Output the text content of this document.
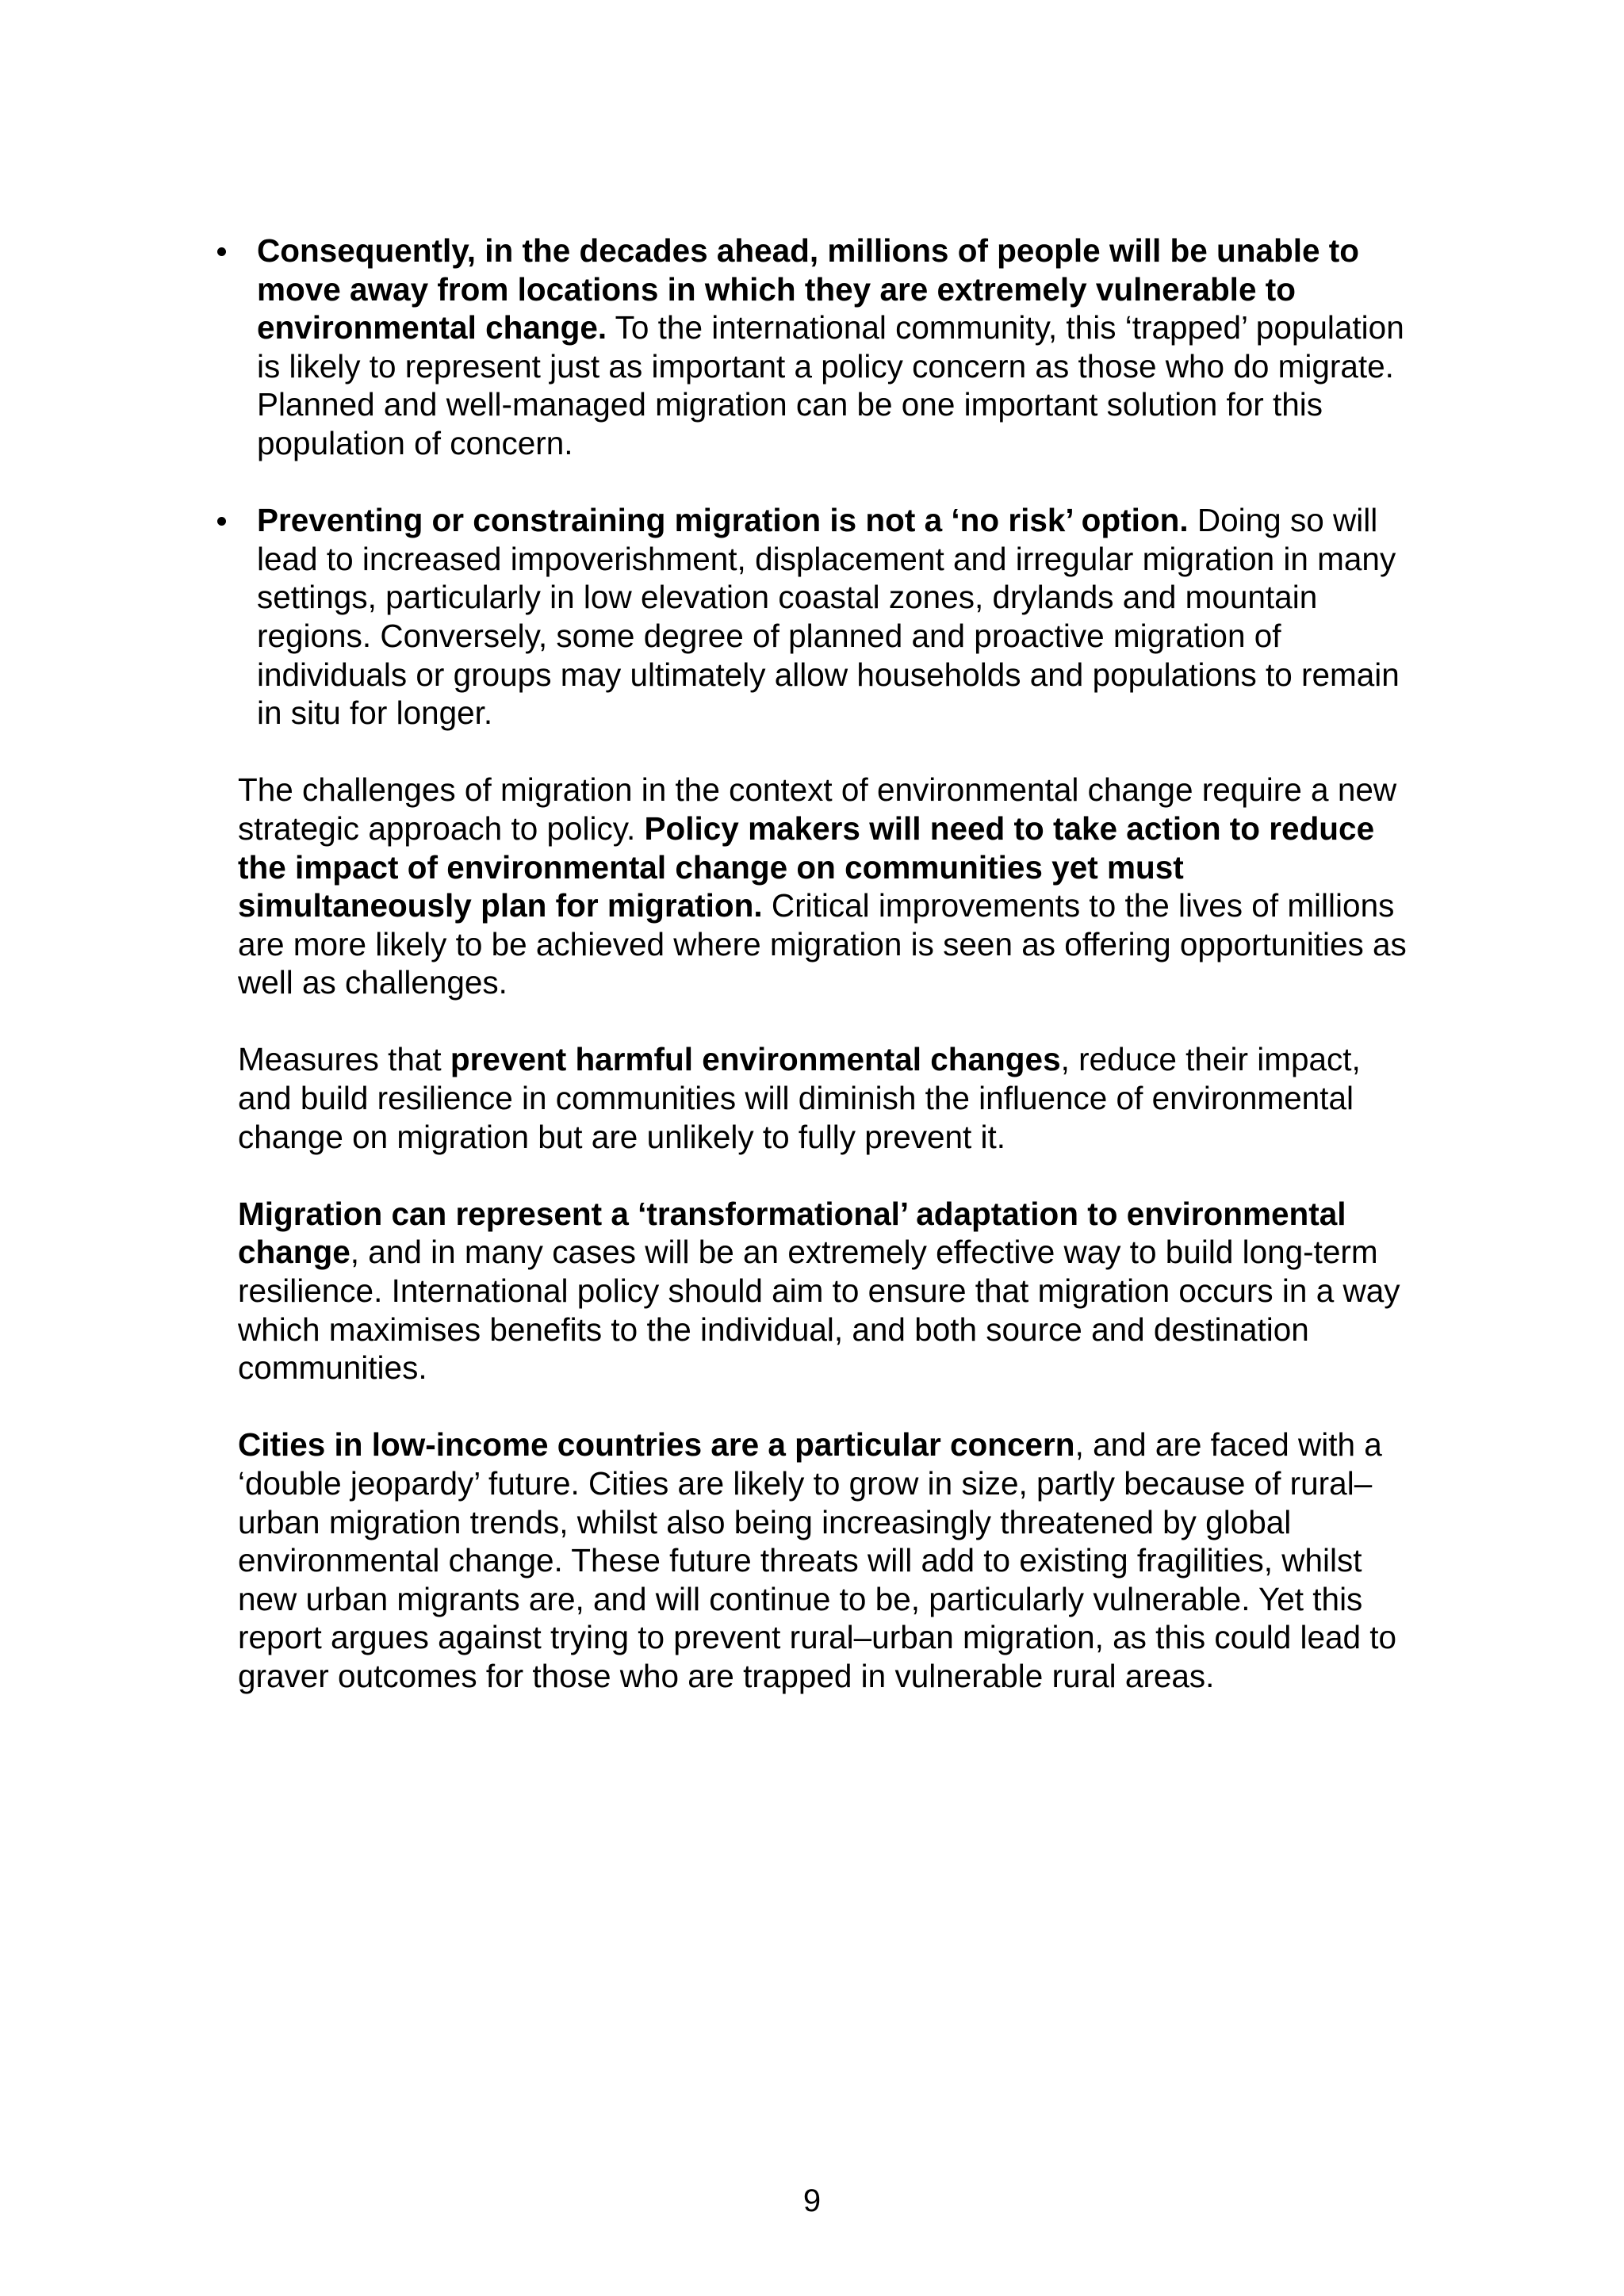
Consequently, in the decades ahead, millions of people will be unable to move away from locations in which they are extremely vulnerable to environmental change. To the international community, this ‘trapped’ population is likely to represent just as important a policy concern as those who do migrate. Planned and well-managed migration can be one important solution for this population of concern.
Preventing or constraining migration is not a ‘no risk’ option. Doing so will lead to increased impoverishment, displacement and irregular migration in many settings, particularly in low elevation coastal zones, drylands and mountain regions. Conversely, some degree of planned and proactive migration of individuals or groups may ultimately allow households and populations to remain in situ for longer.

The challenges of migration in the context of environmental change require a new strategic approach to policy. Policy makers will need to take action to reduce the impact of environmental change on communities yet must simultaneously plan for migration. Critical improvements to the lives of millions are more likely to be achieved where migration is seen as offering opportunities as well as challenges.

Measures that prevent harmful environmental changes, reduce their impact, and build resilience in communities will diminish the influence of environmental change on migration but are unlikely to fully prevent it.

Migration can represent a ‘transformational’ adaptation to environmental change, and in many cases will be an extremely effective way to build long-term resilience. International policy should aim to ensure that migration occurs in a way which maximises benefits to the individual, and both source and destination communities.

Cities in low-income countries are a particular concern, and are faced with a ‘double jeopardy’ future. Cities are likely to grow in size, partly because of rural–urban migration trends, whilst also being increasingly threatened by global environmental change. These future threats will add to existing fragilities, whilst new urban migrants are, and will continue to be, particularly vulnerable. Yet this report argues against trying to prevent rural–urban migration, as this could lead to graver outcomes for those who are trapped in vulnerable rural areas.

9
